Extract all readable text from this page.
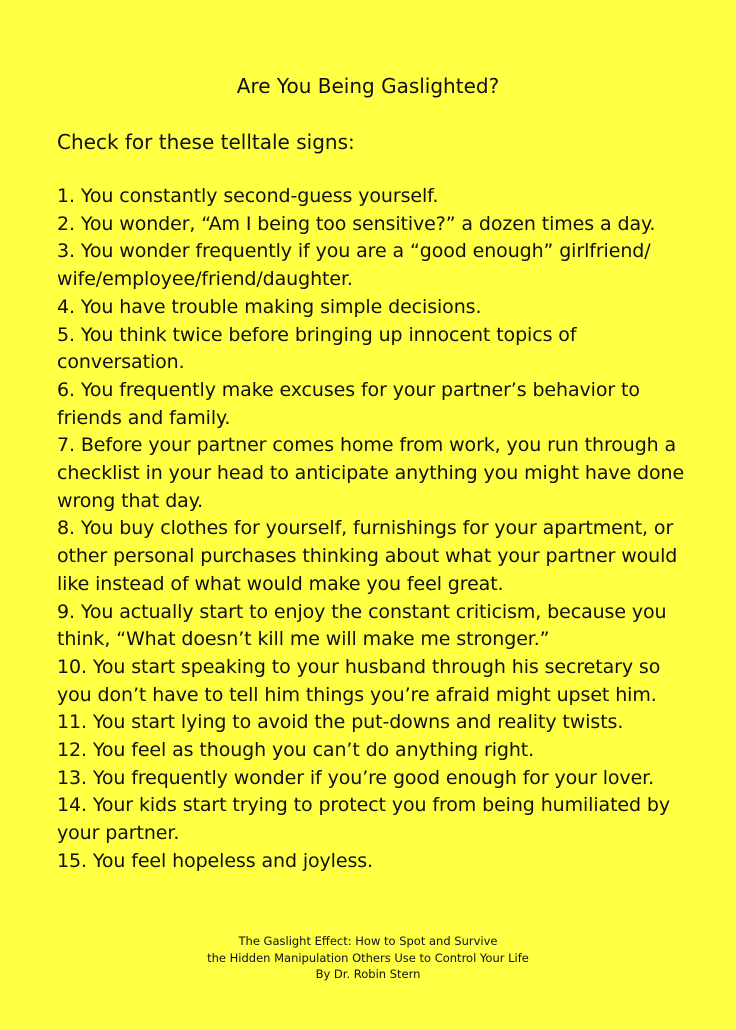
Are You Being Gaslighted?

Check for these telltale signs:

1. You constantly second-guess yourself.
2. You wonder, “Am I being too sensitive?” a dozen times a day.
3. You wonder frequently if you are a “good enough” girlfriend/ wife/employee/friend/daughter.
4. You have trouble making simple decisions.
5. You think twice before bringing up innocent topics of conversation.
6. You frequently make excuses for your partner’s behavior to friends and family.
7. Before your partner comes home from work, you run through a checklist in your head to anticipate anything you might have done wrong that day.
8. You buy clothes for yourself, furnishings for your apartment, or other personal purchases thinking about what your partner would like instead of what would make you feel great.
9. You actually start to enjoy the constant criticism, because you think, “What doesn’t kill me will make me stronger.”
10. You start speaking to your husband through his secretary so you don’t have to tell him things you’re afraid might upset him.
11. You start lying to avoid the put-downs and reality twists.
12. You feel as though you can’t do anything right.
13. You frequently wonder if you’re good enough for your lover.
14. Your kids start trying to protect you from being humiliated by your partner.
15. You feel hopeless and joyless.

The Gaslight Effect: How to Spot and Survive
the Hidden Manipulation Others Use to Control Your Life
By Dr. Robin Stern
